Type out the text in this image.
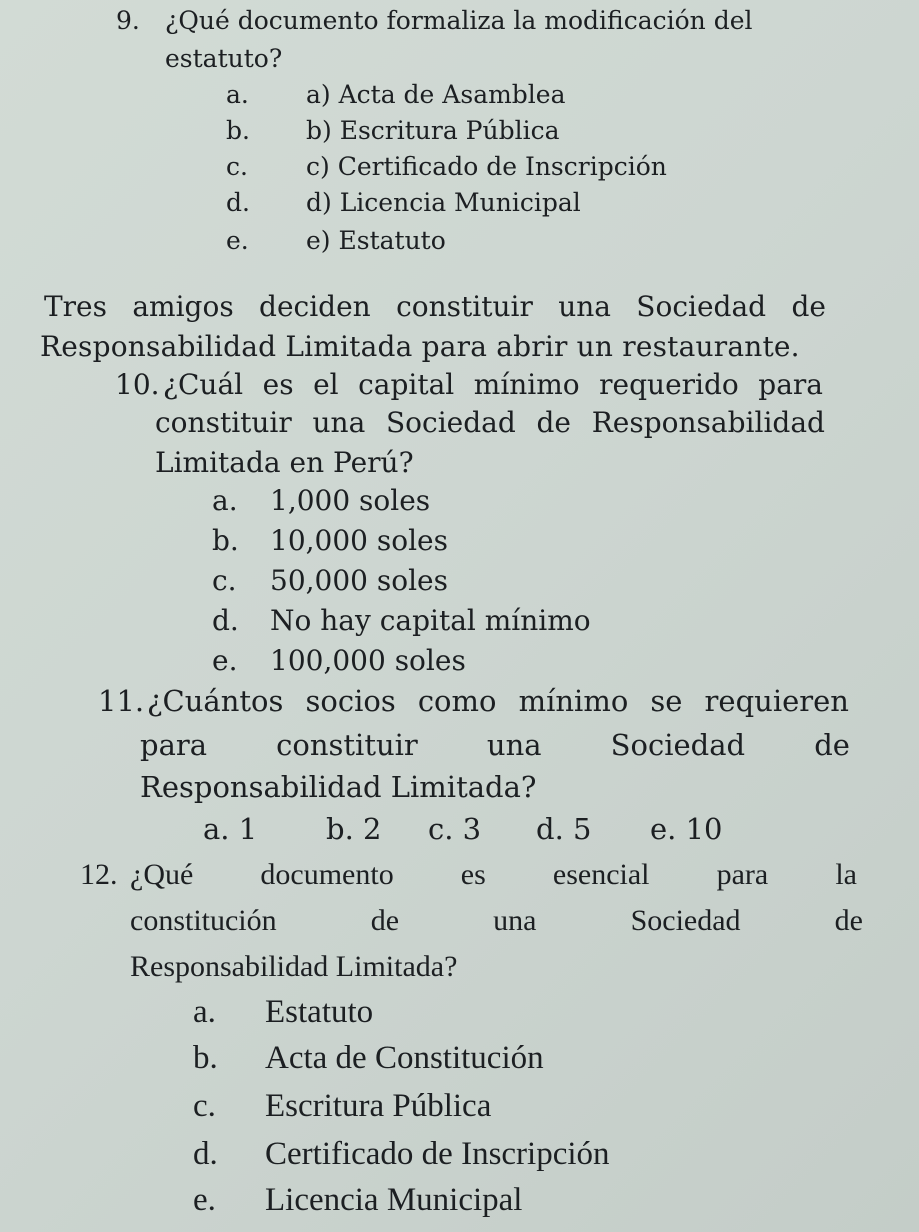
9. ¿Qué documento formaliza la modificación del
estatuto?
a. a) Acta de Asamblea
b. b) Escritura Pública
c. c) Certificado de Inscripción
d. d) Licencia Municipal
e. e) Estatuto
Tres amigos deciden constituir una Sociedad de
Responsabilidad Limitada para abrir un restaurante.
10. ¿Cuál es el capital mínimo requerido para
constituir una Sociedad de Responsabilidad
Limitada en Perú?
a. 1,000 soles
b. 10,000 soles
c. 50,000 soles
d. No hay capital mínimo
e. 100,000 soles
11. ¿Cuántos socios como mínimo se requieren
para constituir una Sociedad de
Responsabilidad Limitada?
a. 1 b. 2 c. 3 d. 5 e. 10
12. ¿Qué documento es esencial para la
constitución	de	una	Sociedad	de
Responsabilidad Limitada?
a. Estatuto
b. Acta de Constitución
c. Escritura Pública
d. Certificado de Inscripción
e. Licencia Municipal
